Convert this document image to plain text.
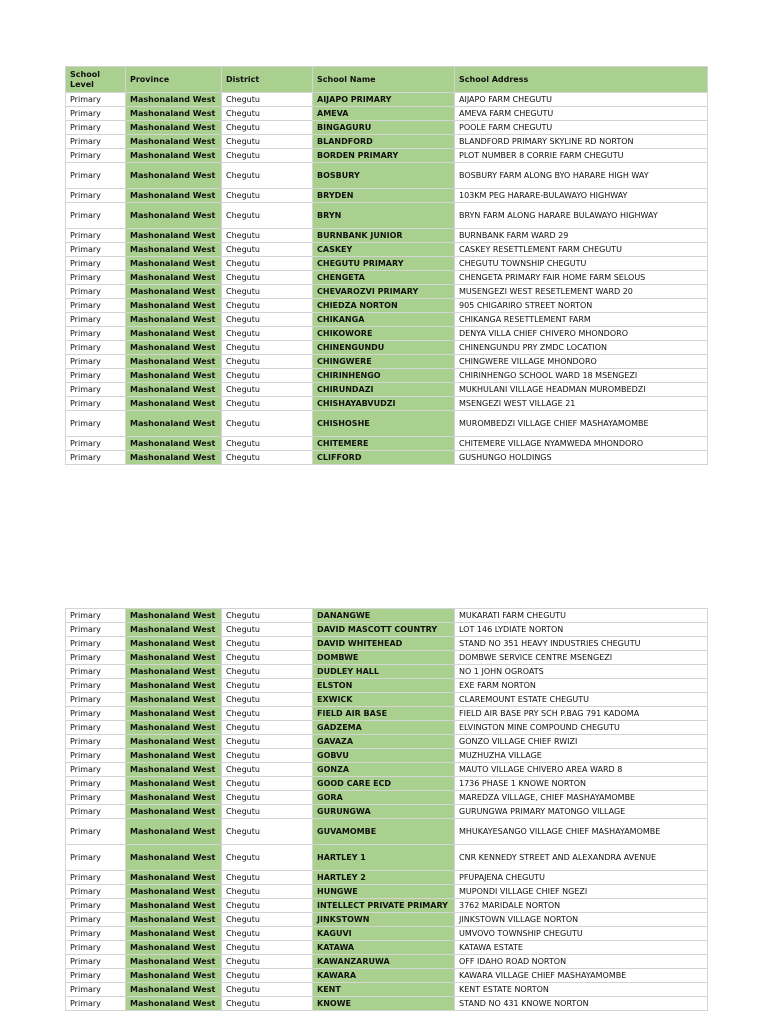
School Level	Province	District	School Name	School Address
Primary	Mashonaland West	Chegutu	AIJAPO PRIMARY	AIJAPO FARM CHEGUTU
Primary	Mashonaland West	Chegutu	AMEVA	AMEVA FARM CHEGUTU
Primary	Mashonaland West	Chegutu	BINGAGURU	POOLE FARM CHEGUTU
Primary	Mashonaland West	Chegutu	BLANDFORD	BLANDFORD PRIMARY SKYLINE RD NORTON
Primary	Mashonaland West	Chegutu	BORDEN PRIMARY	PLOT NUMBER 8 CORRIE FARM CHEGUTU
Primary	Mashonaland West	Chegutu	BOSBURY	BOSBURY FARM ALONG BYO HARARE HIGH WAY
Primary	Mashonaland West	Chegutu	BRYDEN	103KM PEG HARARE-BULAWAYO HIGHWAY
Primary	Mashonaland West	Chegutu	BRYN	BRYN FARM ALONG HARARE BULAWAYO HIGHWAY
Primary	Mashonaland West	Chegutu	BURNBANK JUNIOR	BURNBANK FARM WARD 29
Primary	Mashonaland West	Chegutu	CASKEY	CASKEY RESETTLEMENT FARM CHEGUTU
Primary	Mashonaland West	Chegutu	CHEGUTU PRIMARY	CHEGUTU TOWNSHIP CHEGUTU
Primary	Mashonaland West	Chegutu	CHENGETA	CHENGETA PRIMARY FAIR HOME FARM SELOUS
Primary	Mashonaland West	Chegutu	CHEVAROZVI PRIMARY	MUSENGEZI WEST RESETLEMENT WARD 20
Primary	Mashonaland West	Chegutu	CHIEDZA NORTON	905 CHIGARIRO STREET NORTON
Primary	Mashonaland West	Chegutu	CHIKANGA	CHIKANGA RESETTLEMENT FARM
Primary	Mashonaland West	Chegutu	CHIKOWORE	DENYA VILLA CHIEF CHIVERO MHONDORO
Primary	Mashonaland West	Chegutu	CHINENGUNDU	CHINENGUNDU PRY ZMDC LOCATION
Primary	Mashonaland West	Chegutu	CHINGWERE	CHINGWERE VILLAGE MHONDORO
Primary	Mashonaland West	Chegutu	CHIRINHENGO	CHIRINHENGO SCHOOL WARD 18 MSENGEZI
Primary	Mashonaland West	Chegutu	CHIRUNDAZI	MUKHULANI VILLAGE HEADMAN MUROMBEDZI
Primary	Mashonaland West	Chegutu	CHISHAYABVUDZI	MSENGEZI WEST VILLAGE 21
Primary	Mashonaland West	Chegutu	CHISHOSHE	MUROMBEDZI VILLAGE CHIEF MASHAYAMOMBE
Primary	Mashonaland West	Chegutu	CHITEMERE	CHITEMERE VILLAGE NYAMWEDA MHONDORO
Primary	Mashonaland West	Chegutu	CLIFFORD	GUSHUNGO HOLDINGS
Primary	Mashonaland West	Chegutu	DANANGWE	MUKARATI FARM CHEGUTU
Primary	Mashonaland West	Chegutu	DAVID MASCOTT COUNTRY	LOT 146 LYDIATE NORTON
Primary	Mashonaland West	Chegutu	DAVID WHITEHEAD	STAND NO 351 HEAVY INDUSTRIES CHEGUTU
Primary	Mashonaland West	Chegutu	DOMBWE	DOMBWE SERVICE CENTRE MSENGEZI
Primary	Mashonaland West	Chegutu	DUDLEY HALL	NO 1 JOHN OGROATS
Primary	Mashonaland West	Chegutu	ELSTON	EXE FARM NORTON
Primary	Mashonaland West	Chegutu	EXWICK	CLAREMOUNT ESTATE CHEGUTU
Primary	Mashonaland West	Chegutu	FIELD AIR BASE	FIELD AIR BASE PRY SCH P.BAG 791 KADOMA
Primary	Mashonaland West	Chegutu	GADZEMA	ELVINGTON MINE COMPOUND CHEGUTU
Primary	Mashonaland West	Chegutu	GAVAZA	GONZO VILLAGE CHIEF RWIZI
Primary	Mashonaland West	Chegutu	GOBVU	MUZHUZHA VILLAGE
Primary	Mashonaland West	Chegutu	GONZA	MAUTO VILLAGE CHIVERO AREA WARD 8
Primary	Mashonaland West	Chegutu	GOOD CARE ECD	1736 PHASE 1 KNOWE NORTON
Primary	Mashonaland West	Chegutu	GORA	MAREDZA VILLAGE, CHIEF MASHAYAMOMBE
Primary	Mashonaland West	Chegutu	GURUNGWA	GURUNGWA PRIMARY MATONGO VILLAGE
Primary	Mashonaland West	Chegutu	GUVAMOMBE	MHUKAYESANGO VILLAGE CHIEF MASHAYAMOMBE
Primary	Mashonaland West	Chegutu	HARTLEY 1	CNR KENNEDY STREET AND ALEXANDRA AVENUE
Primary	Mashonaland West	Chegutu	HARTLEY 2	PFUPAJENA CHEGUTU
Primary	Mashonaland West	Chegutu	HUNGWE	MUPONDI VILLAGE CHIEF NGEZI
Primary	Mashonaland West	Chegutu	INTELLECT PRIVATE PRIMARY	3762 MARIDALE NORTON
Primary	Mashonaland West	Chegutu	JINKSTOWN	JINKSTOWN VILLAGE NORTON
Primary	Mashonaland West	Chegutu	KAGUVI	UMVOVO TOWNSHIP CHEGUTU
Primary	Mashonaland West	Chegutu	KATAWA	KATAWA ESTATE
Primary	Mashonaland West	Chegutu	KAWANZARUWA	OFF IDAHO ROAD NORTON
Primary	Mashonaland West	Chegutu	KAWARA	KAWARA VILLAGE CHIEF MASHAYAMOMBE
Primary	Mashonaland West	Chegutu	KENT	KENT ESTATE NORTON
Primary	Mashonaland West	Chegutu	KNOWE	STAND NO 431 KNOWE NORTON
